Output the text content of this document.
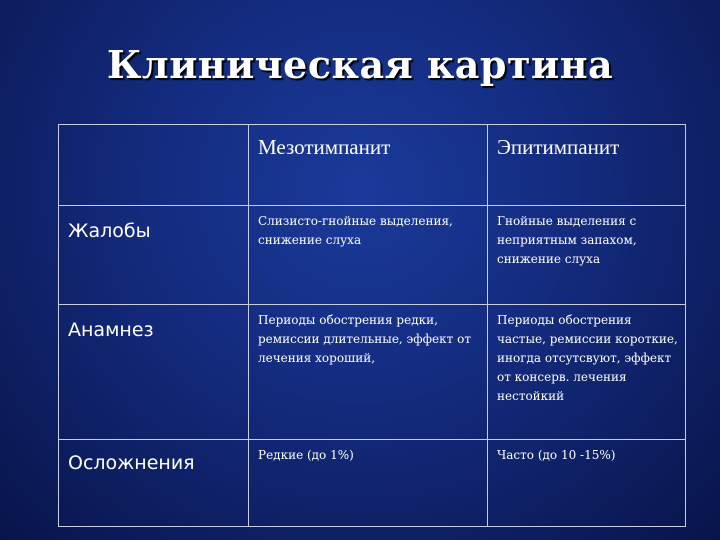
Клиническая картина

	Мезотимпанит	Эпитимпанит

Жалобы	Слизисто-гнойные выделения, снижение слуха	Гнойные выделения с неприятным запахом, снижение слуха

Анамнез	Периоды обострения редки, ремиссии длительные, эффект от лечения хороший,	Периоды обострения частые, ремиссии короткие, иногда отсутсвуют, эффект от консерв. лечения нестойкий

Осложнения	Редкие (до 1%)	Часто (до 10 -15%)
